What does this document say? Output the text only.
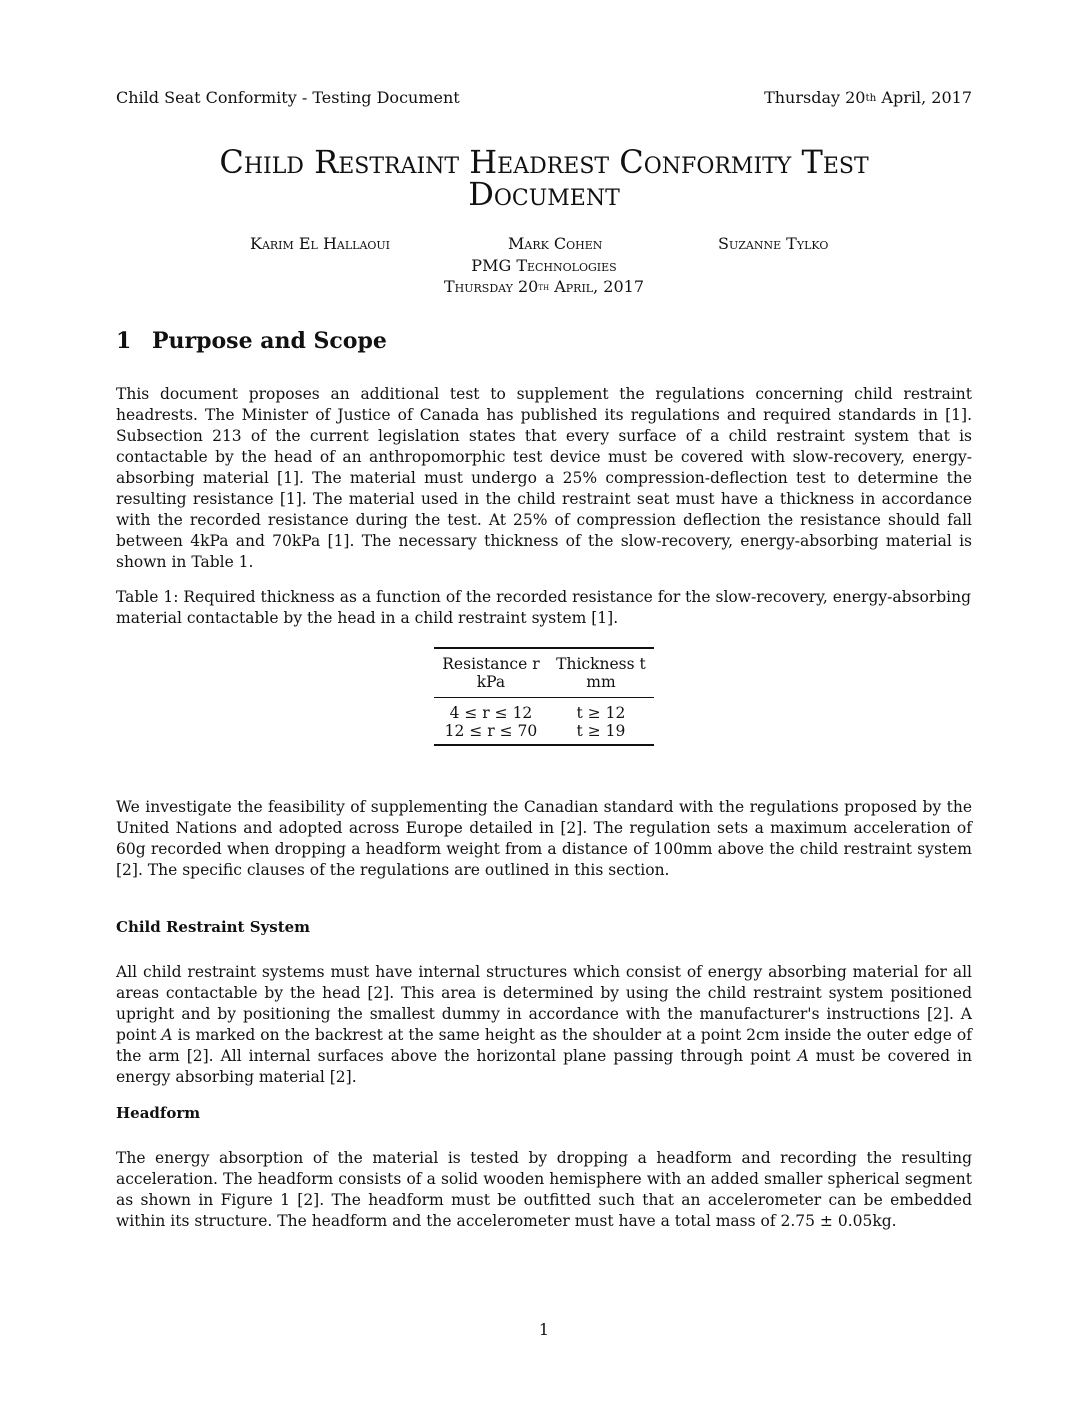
Child Seat Conformity - Testing Document	Thursday 20th April, 2017
Child Restraint Headrest Conformity Test
Document
Karim El Hallaoui	Mark Cohen	Suzanne Tylko
PMG Technologies
Thursday 20th April, 2017
1 Purpose and Scope

This document proposes an additional test to supplement the regulations concerning child restraint headrests. The Minister of Justice of Canada has published its regulations and required standards in [1]. Subsection 213 of the current legislation states that every surface of a child restraint system that is contactable by the head of an anthropomorphic test device must be covered with slow-recovery, energy-absorbing material [1]. The material must undergo a 25% compression-deflection test to determine the resulting resistance [1]. The material used in the child restraint seat must have a thickness in accordance with the recorded resistance during the test. At 25% of compression deflection the resistance should fall between 4kPa and 70kPa [1]. The necessary thickness of the slow-recovery, energy-absorbing material is shown in Table 1.

Table 1: Required thickness as a function of the recorded resistance for the slow-recovery, energy-absorbing material contactable by the head in a child restraint system [1].
Resistance r	Thickness t
kPa	mm
4 ≤ r ≤ 12	t ≥ 12
12 ≤ r ≤ 70	t ≥ 19

We investigate the feasibility of supplementing the Canadian standard with the regulations proposed by the United Nations and adopted across Europe detailed in [2]. The regulation sets a maximum acceleration of 60g recorded when dropping a headform weight from a distance of 100mm above the child restraint system [2]. The specific clauses of the regulations are outlined in this section.

Child Restraint System

All child restraint systems must have internal structures which consist of energy absorbing material for all areas contactable by the head [2]. This area is determined by using the child restraint system positioned upright and by positioning the smallest dummy in accordance with the manufacturer's instructions [2]. A point A is marked on the backrest at the same height as the shoulder at a point 2cm inside the outer edge of the arm [2]. All internal surfaces above the horizontal plane passing through point A must be covered in energy absorbing material [2].

Headform

The energy absorption of the material is tested by dropping a headform and recording the resulting acceleration. The headform consists of a solid wooden hemisphere with an added smaller spherical segment as shown in Figure 1 [2]. The headform must be outfitted such that an accelerometer can be embedded within its structure. The headform and the accelerometer must have a total mass of 2.75 ± 0.05kg.

1
